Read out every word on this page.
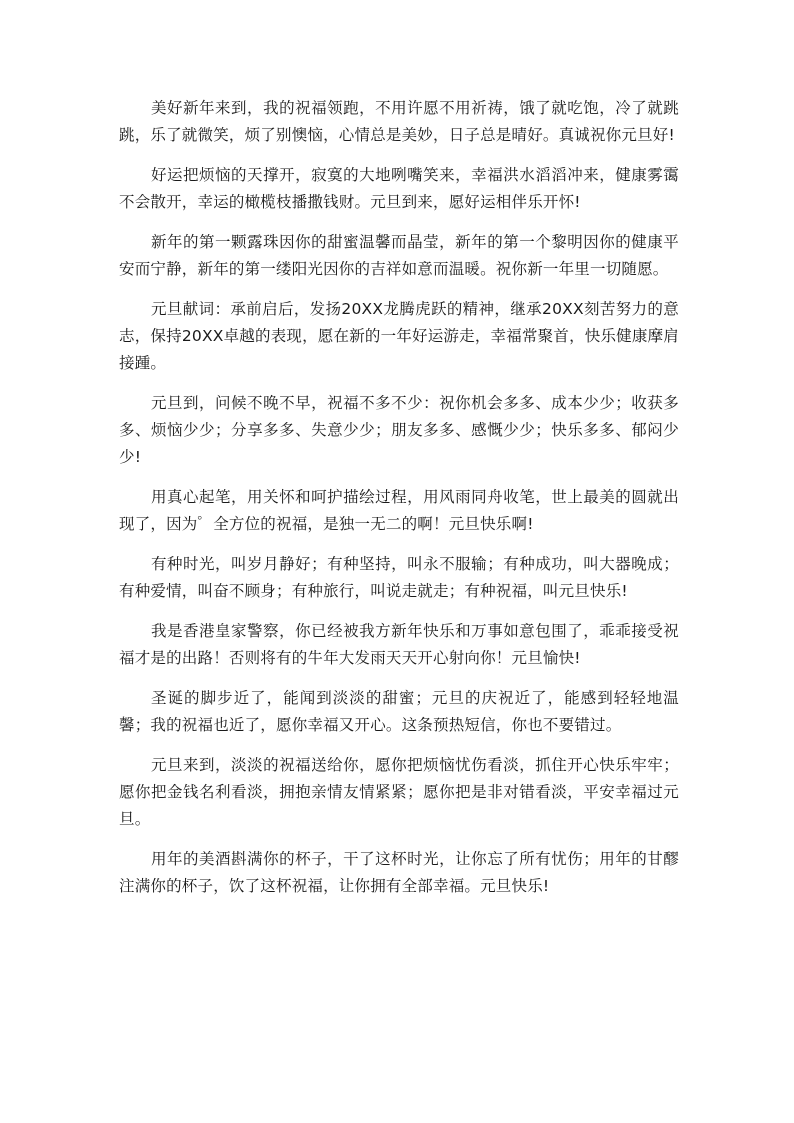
美好新年来到，我的祝福领跑，不用许愿不用祈祷，饿了就吃饱，冷了就跳跳，乐了就微笑，烦了别懊恼，心情总是美妙，日子总是晴好。真诚祝你元旦好!

好运把烦恼的天撑开，寂寞的大地咧嘴笑来，幸福洪水滔滔冲来，健康雾霭不会散开，幸运的橄榄枝播撒钱财。元旦到来，愿好运相伴乐开怀!

新年的第一颗露珠因你的甜蜜温馨而晶莹，新年的第一个黎明因你的健康平安而宁静，新年的第一缕阳光因你的吉祥如意而温暖。祝你新一年里一切随愿。

元旦献词：承前启后，发扬20XX龙腾虎跃的精神，继承20XX刻苦努力的意志，保持20XX卓越的表现，愿在新的一年好运游走，幸福常聚首，快乐健康摩肩接踵。

元旦到，问候不晚不早，祝福不多不少：祝你机会多多、成本少少；收获多多、烦恼少少；分享多多、失意少少；朋友多多、感慨少少；快乐多多、郁闷少少!

用真心起笔，用关怀和呵护描绘过程，用风雨同舟收笔，世上最美的圆就出现了，因为゜全方位的祝福，是独一无二的啊！元旦快乐啊!

有种时光，叫岁月静好；有种坚持，叫永不服输；有种成功，叫大器晚成；有种爱情，叫奋不顾身；有种旅行，叫说走就走；有种祝福，叫元旦快乐!

我是香港皇家警察，你已经被我方新年快乐和万事如意包围了，乖乖接受祝福才是的出路！否则将有的牛年大发雨天天开心射向你！元旦愉快!

圣诞的脚步近了，能闻到淡淡的甜蜜；元旦的庆祝近了，能感到轻轻地温馨；我的祝福也近了，愿你幸福又开心。这条预热短信，你也不要错过。

元旦来到，淡淡的祝福送给你，愿你把烦恼忧伤看淡，抓住开心快乐牢牢；愿你把金钱名利看淡，拥抱亲情友情紧紧；愿你把是非对错看淡，平安幸福过元旦。

用年的美酒斟满你的杯子，干了这杯时光，让你忘了所有忧伤；用年的甘醪注满你的杯子，饮了这杯祝福，让你拥有全部幸福。元旦快乐!
